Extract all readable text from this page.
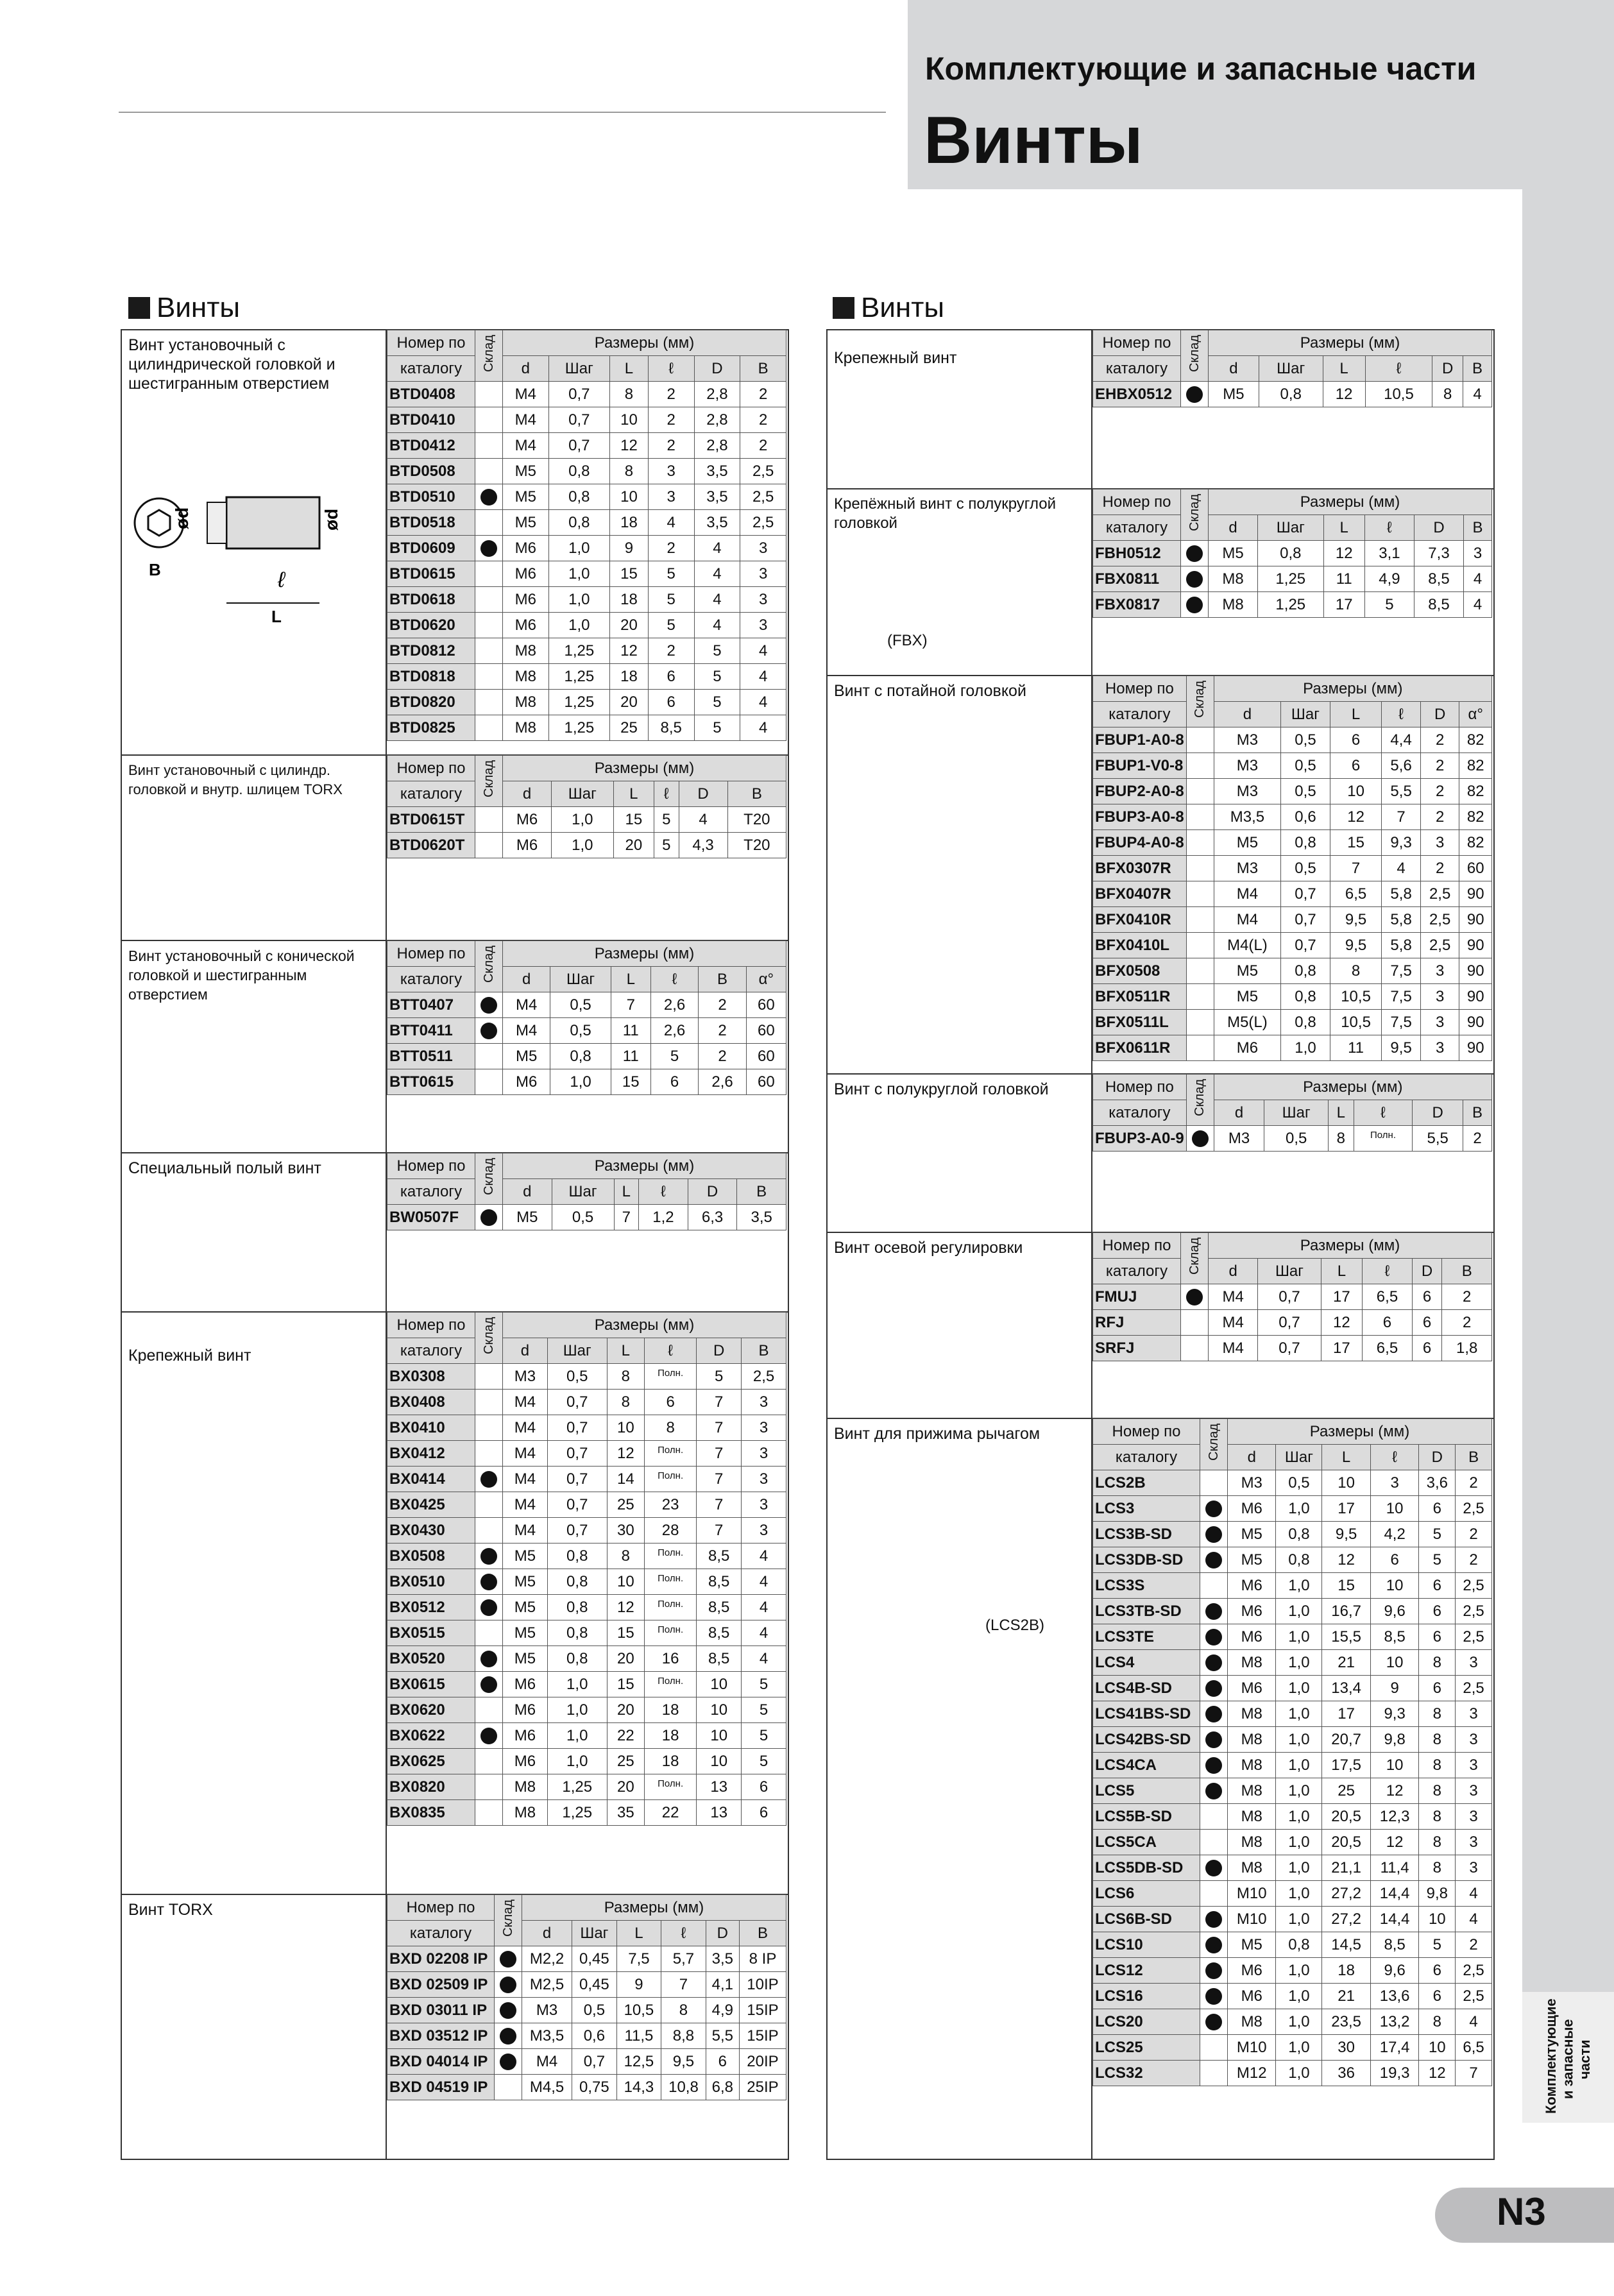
Комплектующие и запасные части
Винты
Комплектующие
и запасные части
N3
Винты	Винты
Винт установочный с цилиндрической головкой и шестигранным отверстием
ød	ød
B	ℓ
L
Номер по	Склад	Размеры (мм)					
каталогу		d	Шаг	L	ℓ	D	B
BTD0408		M4	0,7	8	2	2,8	2
BTD0410		M4	0,7	10	2	2,8	2
BTD0412		M4	0,7	12	2	2,8	2
BTD0508		M5	0,8	8	3	3,5	2,5
BTD0510		M5	0,8	10	3	3,5	2,5
BTD0518		M5	0,8	18	4	3,5	2,5
BTD0609		M6	1,0	9	2	4	3
BTD0615		M6	1,0	15	5	4	3
BTD0618		M6	1,0	18	5	4	3
BTD0620		M6	1,0	20	5	4	3
BTD0812		M8	1,25	12	2	5	4
BTD0818		M8	1,25	18	6	5	4
BTD0820		M8	1,25	20	6	5	4
BTD0825		M8	1,25	25	8,5	5	4
Винт установочный с цилиндр. головкой и внутр. шлицем TORX
Номер по	Склад	Размеры (мм)					
каталогу		d	Шаг	L	ℓ	D	B
BTD0615T		M6	1,0	15	5	4	T20
BTD0620T		M6	1,0	20	5	4,3	T20
Винт установочный с конической головкой и шестигранным отверстием
Номер по	Склад	Размеры (мм)					
каталогу		d	Шаг	L	ℓ	B	α°
BTT0407		M4	0,5	7	2,6	2	60
BTT0411		M4	0,5	11	2,6	2	60
BTT0511		M5	0,8	11	5	2	60
BTT0615		M6	1,0	15	6	2,6	60
Специальный полый винт	Номер по	Склад	Размеры (мм)					
каталогу		d	Шаг	L	ℓ	D	B
BW0507F		M5	0,5	7	1,2	6,3	3,5
Крепежный винт
Номер по	Склад	Размеры (мм)					
каталогу		d	Шаг	L	ℓ	D	B
BX0308		M3	0,5	8	$^{Полн.}$	5	2,5
BX0408		M4	0,7	8	6	7	3
BX0410		M4	0,7	10	8	7	3
BX0412		M4	0,7	12	$^{Полн.}$	7	3
BX0414		M4	0,7	14	$^{Полн.}$	7	3
BX0425		M4	0,7	25	23	7	3
BX0430		M4	0,7	30	28	7	3
BX0508		M5	0,8	8	$^{Полн.}$	8,5	4
BX0510		M5	0,8	10	$^{Полн.}$	8,5	4
BX0512		M5	0,8	12	$^{Полн.}$	8,5	4
BX0515		M5	0,8	15	$^{Полн.}$	8,5	4
BX0520		M5	0,8	20	16	8,5	4
BX0615		M6	1,0	15	$^{Полн.}$	10	5
BX0620		M6	1,0	20	18	10	5
BX0622		M6	1,0	22	18	10	5
BX0625		M6	1,0	25	18	10	5
BX0820		M8	1,25	20	$^{Полн.}$	13	6
BX0835		M8	1,25	35	22	13	6
Винт TORX	Номер по	Склад	Размеры (мм)					
каталогу		d	Шаг	L	ℓ	D	B
BXD 02208 IP		M2,2	0,45	7,5	5,7	3,5	8 IP
BXD 02509 IP		M2,5	0,45	9	7	4,1	10IP
BXD 03011 IP		M3	0,5	10,5	8	4,9	15IP
BXD 03512 IP		M3,5	0,6	11,5	8,8	5,5	15IP
BXD 04014 IP		M4	0,7	12,5	9,5	6	20IP
BXD 04519 IP		M4,5	0,75	14,3	10,8	6,8	25IP
Крепежный винт
Номер по	Склад	Размеры (мм)					
каталогу		d	Шаг	L	ℓ	D	B
EHBX0512		M5	0,8	12	10,5	8	4
Крепёжный винт с полукруглой головкой
(FBX)
Номер по	Склад	Размеры (мм)					
каталогу		d	Шаг	L	ℓ	D	B
FBH0512		M5	0,8	12	3,1	7,3	3
FBX0811		M8	1,25	11	4,9	8,5	4
FBX0817		M8	1,25	17	5	8,5	4
Винт с потайной головкой	Номер по	Склад	Размеры (мм)					
каталогу		d	Шаг	L	ℓ	D	α°
FBUP1-A0-8		M3	0,5	6	4,4	2	82
FBUP1-V0-8		M3	0,5	6	5,6	2	82
FBUP2-A0-8		M3	0,5	10	5,5	2	82
FBUP3-A0-8		M3,5	0,6	12	7	2	82
FBUP4-A0-8		M5	0,8	15	9,3	3	82
BFX0307R		M3	0,5	7	4	2	60
BFX0407R		M4	0,7	6,5	5,8	2,5	90
BFX0410R		M4	0,7	9,5	5,8	2,5	90
BFX0410L		M4(L)	0,7	9,5	5,8	2,5	90
BFX0508		M5	0,8	8	7,5	3	90
BFX0511R		M5	0,8	10,5	7,5	3	90
BFX0511L		M5(L)	0,8	10,5	7,5	3	90
BFX0611R		M6	1,0	11	9,5	3	90
Винт с полукруглой головкой	Номер по	Склад	Размеры (мм)					
каталогу		d	Шаг	L	ℓ	D	B
FBUP3-A0-9		M3	0,5	8	$^{Полн.}$	5,5	2
Винт осевой регулировки	Номер по	Склад	Размеры (мм)					
каталогу		d	Шаг	L	ℓ	D	B
FMUJ		M4	0,7	17	6,5	6	2
RFJ		M4	0,7	12	6	6	2
SRFJ		M4	0,7	17	6,5	6	1,8
Винт для прижима рычагом
(LCS2B)
Номер по	Склад	Размеры (мм)					
каталогу		d	Шаг	L	ℓ	D	B
LCS2B		M3	0,5	10	3	3,6	2
LCS3		M6	1,0	17	10	6	2,5
LCS3B-SD		M5	0,8	9,5	4,2	5	2
LCS3DB-SD		M5	0,8	12	6	5	2
LCS3S		M6	1,0	15	10	6	2,5
LCS3TB-SD		M6	1,0	16,7	9,6	6	2,5
LCS3TE		M6	1,0	15,5	8,5	6	2,5
LCS4		M8	1,0	21	10	8	3
LCS4B-SD		M6	1,0	13,4	9	6	2,5
LCS41BS-SD		M8	1,0	17	9,3	8	3
LCS42BS-SD		M8	1,0	20,7	9,8	8	3
LCS4CA		M8	1,0	17,5	10	8	3
LCS5		M8	1,0	25	12	8	3
LCS5B-SD		M8	1,0	20,5	12,3	8	3
LCS5CA		M8	1,0	20,5	12	8	3
LCS5DB-SD		M8	1,0	21,1	11,4	8	3
LCS6		M10	1,0	27,2	14,4	9,8	4
LCS6B-SD		M10	1,0	27,2	14,4	10	4
LCS10		M5	0,8	14,5	8,5	5	2
LCS12		M6	1,0	18	9,6	6	2,5
LCS16		M6	1,0	21	13,6	6	2,5
LCS20		M8	1,0	23,5	13,2	8	4
LCS25		M10	1,0	30	17,4	10	6,5
LCS32		M12	1,0	36	19,3	12	7
